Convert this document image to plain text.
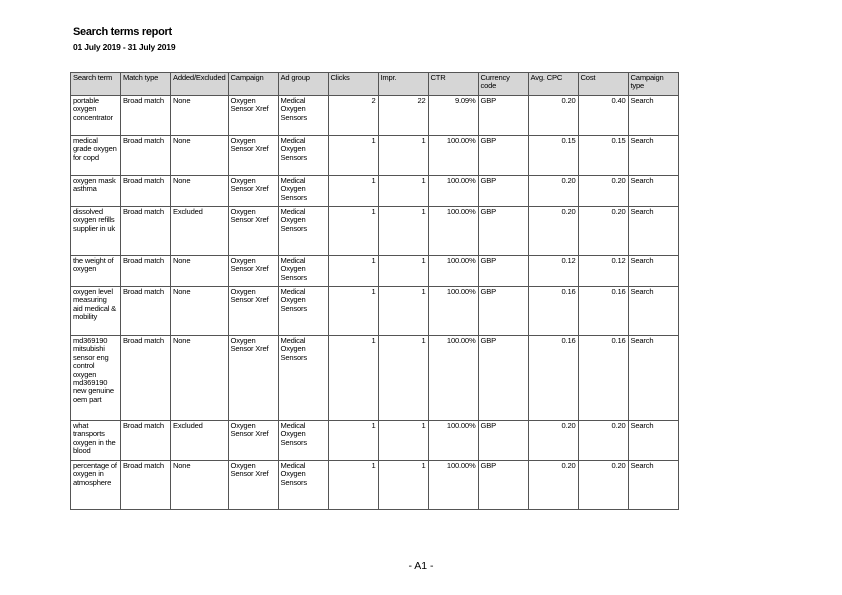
Search terms report
01 July 2019 - 31 July 2019
Search term	Match type	Added/Excluded	Campaign	Ad group	Clicks	Impr.	CTR	Currency code	Avg. CPC	Cost	Campaign type
portable oxygen concentrator	Broad match	None	Oxygen Sensor Xref	Medical Oxygen Sensors	2	22	9.09%	GBP	0.20	0.40	Search
medical grade oxygen for copd	Broad match	None	Oxygen Sensor Xref	Medical Oxygen Sensors	1	1	100.00%	GBP	0.15	0.15	Search
oxygen mask asthma	Broad match	None	Oxygen Sensor Xref	Medical Oxygen Sensors	1	1	100.00%	GBP	0.20	0.20	Search
dissolved oxygen refills supplier in uk	Broad match	Excluded	Oxygen Sensor Xref	Medical Oxygen Sensors	1	1	100.00%	GBP	0.20	0.20	Search
the weight of oxygen	Broad match	None	Oxygen Sensor Xref	Medical Oxygen Sensors	1	1	100.00%	GBP	0.12	0.12	Search
oxygen level measuring aid medical & mobility	Broad match	None	Oxygen Sensor Xref	Medical Oxygen Sensors	1	1	100.00%	GBP	0.16	0.16	Search
md369190 mitsubishi sensor eng control oxygen md369190 new genuine oem part	Broad match	None	Oxygen Sensor Xref	Medical Oxygen Sensors	1	1	100.00%	GBP	0.16	0.16	Search
what transports oxygen in the blood	Broad match	Excluded	Oxygen Sensor Xref	Medical Oxygen Sensors	1	1	100.00%	GBP	0.20	0.20	Search
percentage of oxygen in atmosphere	Broad match	None	Oxygen Sensor Xref	Medical Oxygen Sensors	1	1	100.00%	GBP	0.20	0.20	Search
- A1 -
